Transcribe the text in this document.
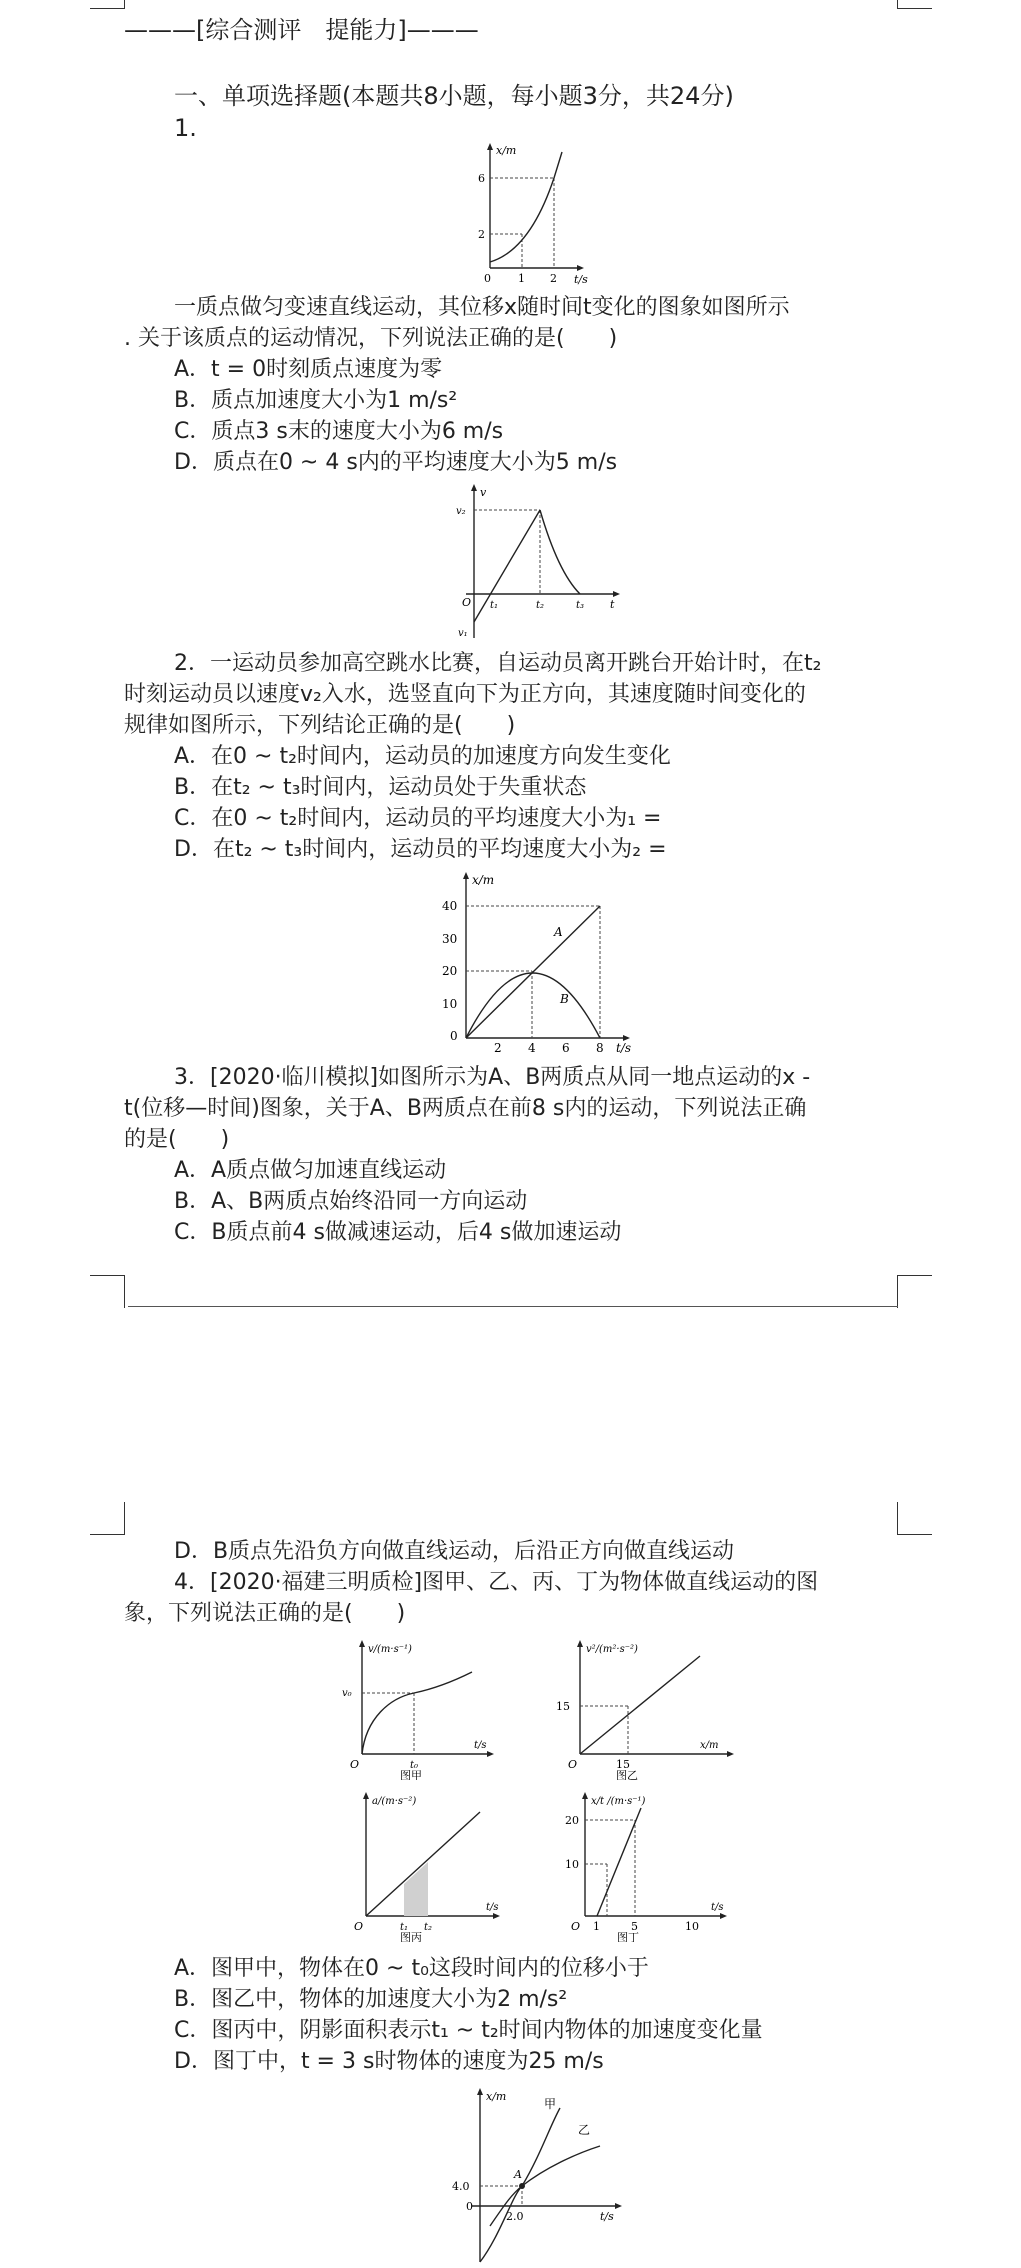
———[综合测评　提能力]———
一、单项选择题(本题共8小题，每小题3分，共24分)
1.
x/m
t/s
6
2
0 1 2
一质点做匀变速直线运动，其位移x随时间t变化的图象如图所示
. 关于该质点的运动情况，下列说法正确的是(　　)
A．t = 0时刻质点速度为零
B．质点加速度大小为1 m/s²
C．质点3 s末的速度大小为6 m/s
D．质点在0 ~ 4 s内的平均速度大小为5 m/s
v
t
v₂
O t₁	t₂	t₃
v₁
2．一运动员参加高空跳水比赛，自运动员离开跳台开始计时，在t₂
时刻运动员以速度v₂入水，选竖直向下为正方向，其速度随时间变化的
规律如图所示，下列结论正确的是(　　)
A．在0 ~ t₂时间内，运动员的加速度方向发生变化
B．在t₂ ~ t₃时间内，运动员处于失重状态
C．在0 ~ t₂时间内，运动员的平均速度大小为₁ =
D．在t₂ ~ t₃时间内，运动员的平均速度大小为₂ =
x/m
t/s
40
30
20
10
0
2 4 6 8
A
B
3．[2020·临川模拟]如图所示为A、B两质点从同一地点运动的x -
t(位移—时间)图象，关于A、B两质点在前8 s内的运动，下列说法正确
的是(　　)
A．A质点做匀加速直线运动
B．A、B两质点始终沿同一方向运动
C．B质点前4 s做减速运动，后4 s做加速运动
D．B质点先沿负方向做直线运动，后沿正方向做直线运动
4．[2020·福建三明质检]图甲、乙、丙、丁为物体做直线运动的图
象，下列说法正确的是(　　)
v/(m·s⁻¹)
t/s
v₀
O	t₀
图甲
v²/(m²·s⁻²)
x/m
15
O	15
图乙
a/(m·s⁻²)
t/s
O	t₁ t₂
图丙
x/t /(m·s⁻¹)
t/s
20
10
O 1	5	10
图丁
A．图甲中，物体在0 ~ t₀这段时间内的位移小于
B．图乙中，物体的加速度大小为2 m/s²
C．图丙中，阴影面积表示t₁ ~ t₂时间内物体的加速度变化量
D．图丁中，t = 3 s时物体的速度为25 m/s
x/m
t/s
甲
乙
A
4.0
0
2.0
